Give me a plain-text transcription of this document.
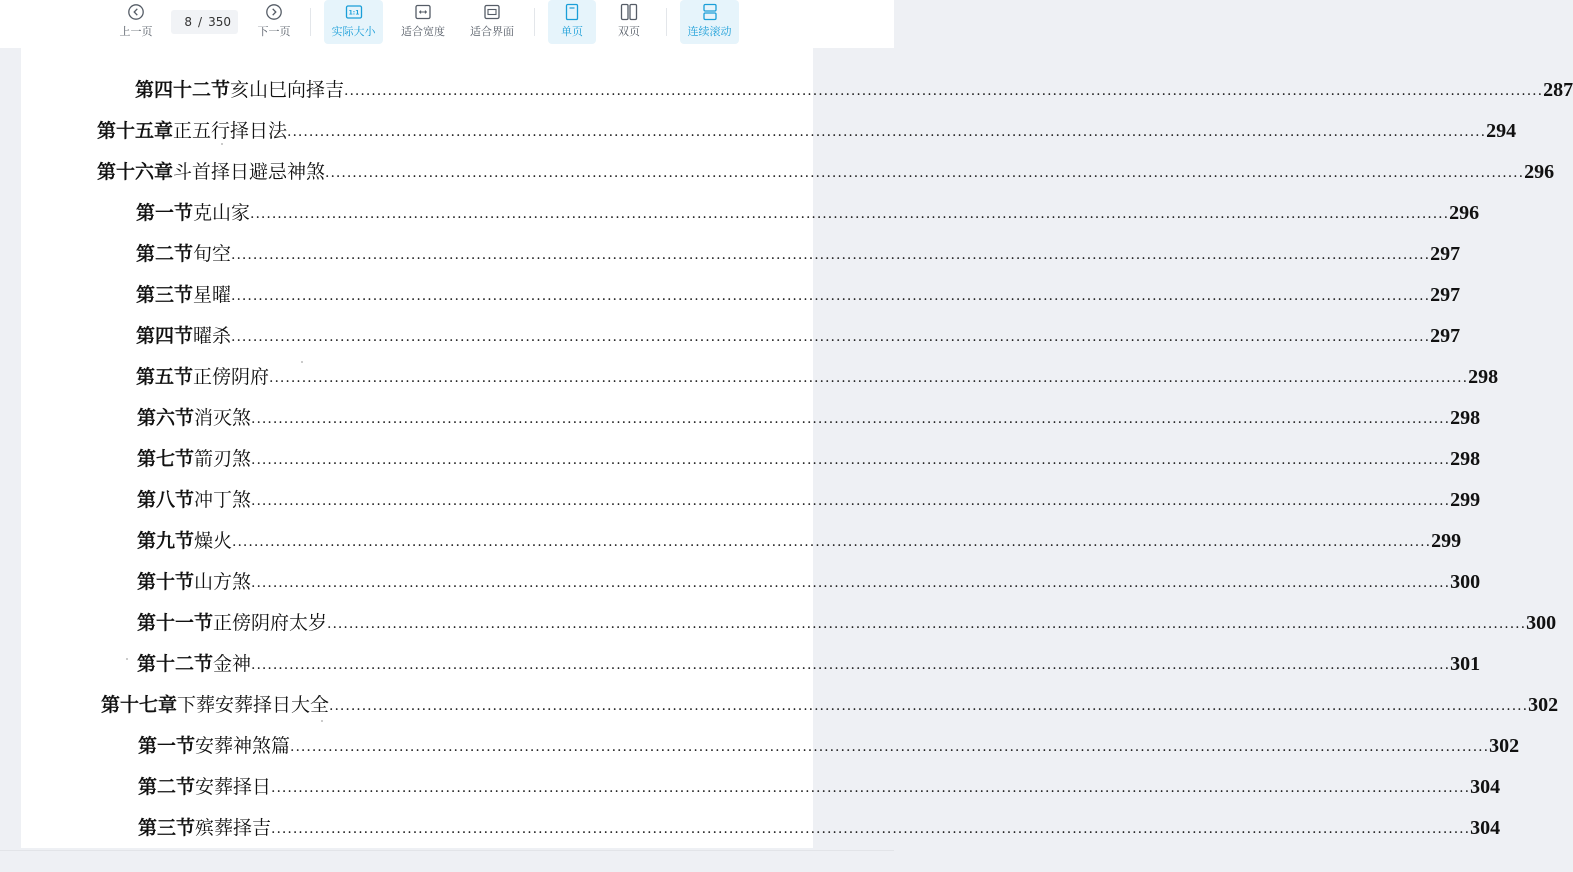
上一页
8
/ 350
下一页
1:1
实际大小 适合宽度 适合界面	单页	双页	连续滚动
第四十二节 亥山巳向择吉 ............................................................................................................................................................................................................................ 287
第十五章 正五行择日法 ............................................................................................................................................................................................................................ 294
第十六章 斗首择日避忌神煞 ............................................................................................................................................................................................................................ 296
第一节 克山家 ............................................................................................................................................................................................................................ 296
第二节 旬空 ............................................................................................................................................................................................................................ 297
第三节 星曜 ............................................................................................................................................................................................................................ 297
第四节 曜杀 ............................................................................................................................................................................................................................ 297
第五节 正傍阴府 ............................................................................................................................................................................................................................ 298
第六节 消灭煞 ............................................................................................................................................................................................................................ 298
第七节 箭刃煞 ............................................................................................................................................................................................................................ 298
第八节 冲丁煞 ............................................................................................................................................................................................................................ 299
第九节 燥火 ............................................................................................................................................................................................................................ 299
第十节 山方煞 ............................................................................................................................................................................................................................ 300
第十一节 正傍阴府太岁 ............................................................................................................................................................................................................................ 300
第十二节 金神 ............................................................................................................................................................................................................................ 301
第十七章 下葬安葬择日大全 ............................................................................................................................................................................................................................ 302
第一节 安葬神煞篇 ............................................................................................................................................................................................................................ 302
第二节 安葬择日 ............................................................................................................................................................................................................................ 304
第三节 殡葬择吉 ............................................................................................................................................................................................................................ 304
